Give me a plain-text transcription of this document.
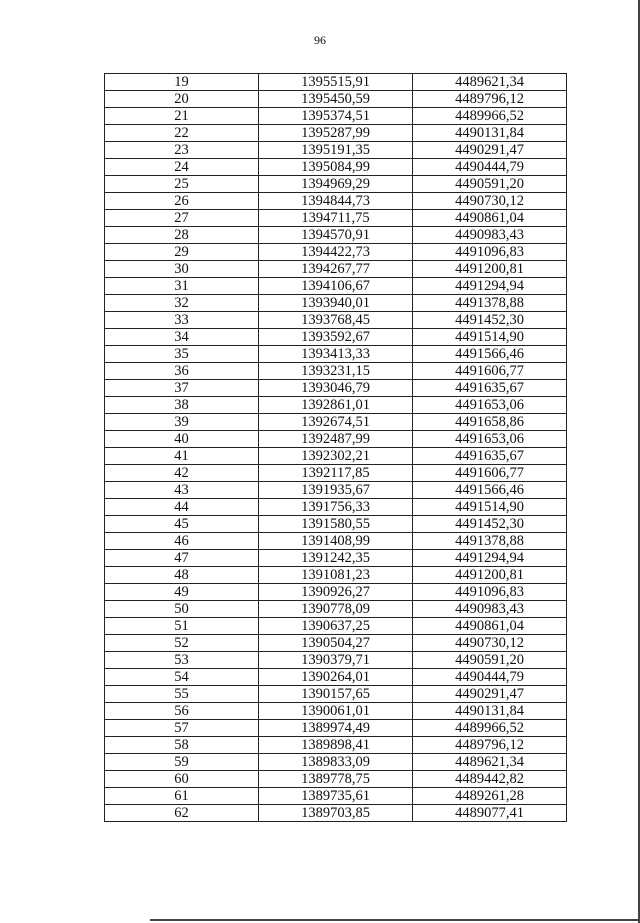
96
19	1395515,91	4489621,34
20	1395450,59	4489796,12
21	1395374,51	4489966,52
22	1395287,99	4490131,84
23	1395191,35	4490291,47
24	1395084,99	4490444,79
25	1394969,29	4490591,20
26	1394844,73	4490730,12
27	1394711,75	4490861,04
28	1394570,91	4490983,43
29	1394422,73	4491096,83
30	1394267,77	4491200,81
31	1394106,67	4491294,94
32	1393940,01	4491378,88
33	1393768,45	4491452,30
34	1393592,67	4491514,90
35	1393413,33	4491566,46
36	1393231,15	4491606,77
37	1393046,79	4491635,67
38	1392861,01	4491653,06
39	1392674,51	4491658,86
40	1392487,99	4491653,06
41	1392302,21	4491635,67
42	1392117,85	4491606,77
43	1391935,67	4491566,46
44	1391756,33	4491514,90
45	1391580,55	4491452,30
46	1391408,99	4491378,88
47	1391242,35	4491294,94
48	1391081,23	4491200,81
49	1390926,27	4491096,83
50	1390778,09	4490983,43
51	1390637,25	4490861,04
52	1390504,27	4490730,12
53	1390379,71	4490591,20
54	1390264,01	4490444,79
55	1390157,65	4490291,47
56	1390061,01	4490131,84
57	1389974,49	4489966,52
58	1389898,41	4489796,12
59	1389833,09	4489621,34
60	1389778,75	4489442,82
61	1389735,61	4489261,28
62	1389703,85	4489077,41
